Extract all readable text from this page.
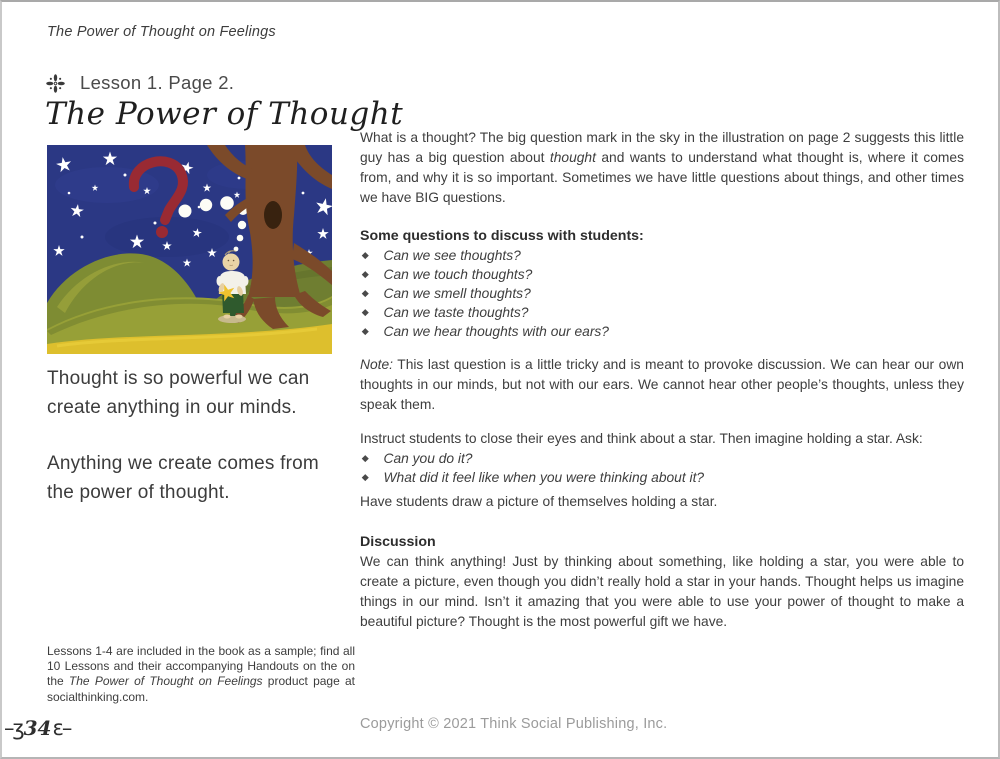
The Power of Thought on Feelings
Lesson 1. Page 2.
The Power of Thought

Thought is so powerful we can create anything in our minds.

Anything we create comes from the power of thought.

Lessons 1-4 are included in the book as a sample; find all 10 Lessons and their accompanying Handouts on the on the The Power of Thought on Feelings product page at socialthinking.com.

–ʒ 34 ɛ–

What is a thought? The big question mark in the sky in the illustration on page 2 suggests this little guy has a big question about thought and wants to understand what thought is, where it comes from, and why it is so important. Sometimes we have little questions about things, and other times we have BIG questions.

Some questions to discuss with students:

Can we see thoughts?
Can we touch thoughts?
Can we smell thoughts?
Can we taste thoughts?
Can we hear thoughts with our ears?

Note: This last question is a little tricky and is meant to provoke discussion. We can hear our own thoughts in our minds, but not with our ears. We cannot hear other people’s thoughts, unless they speak them.

Instruct students to close their eyes and think about a star. Then imagine holding a star. Ask:

Can you do it?
What did it feel like when you were thinking about it?

Have students draw a picture of themselves holding a star.

Discussion

We can think anything! Just by thinking about something, like holding a star, you were able to create a picture, even though you didn’t really hold a star in your hands. Thought helps us imagine things in our mind. Isn’t it amazing that you were able to use your power of thought to make a beautiful picture? Thought is the most powerful gift we have.

Copyright © 2021 Think Social Publishing, Inc.
